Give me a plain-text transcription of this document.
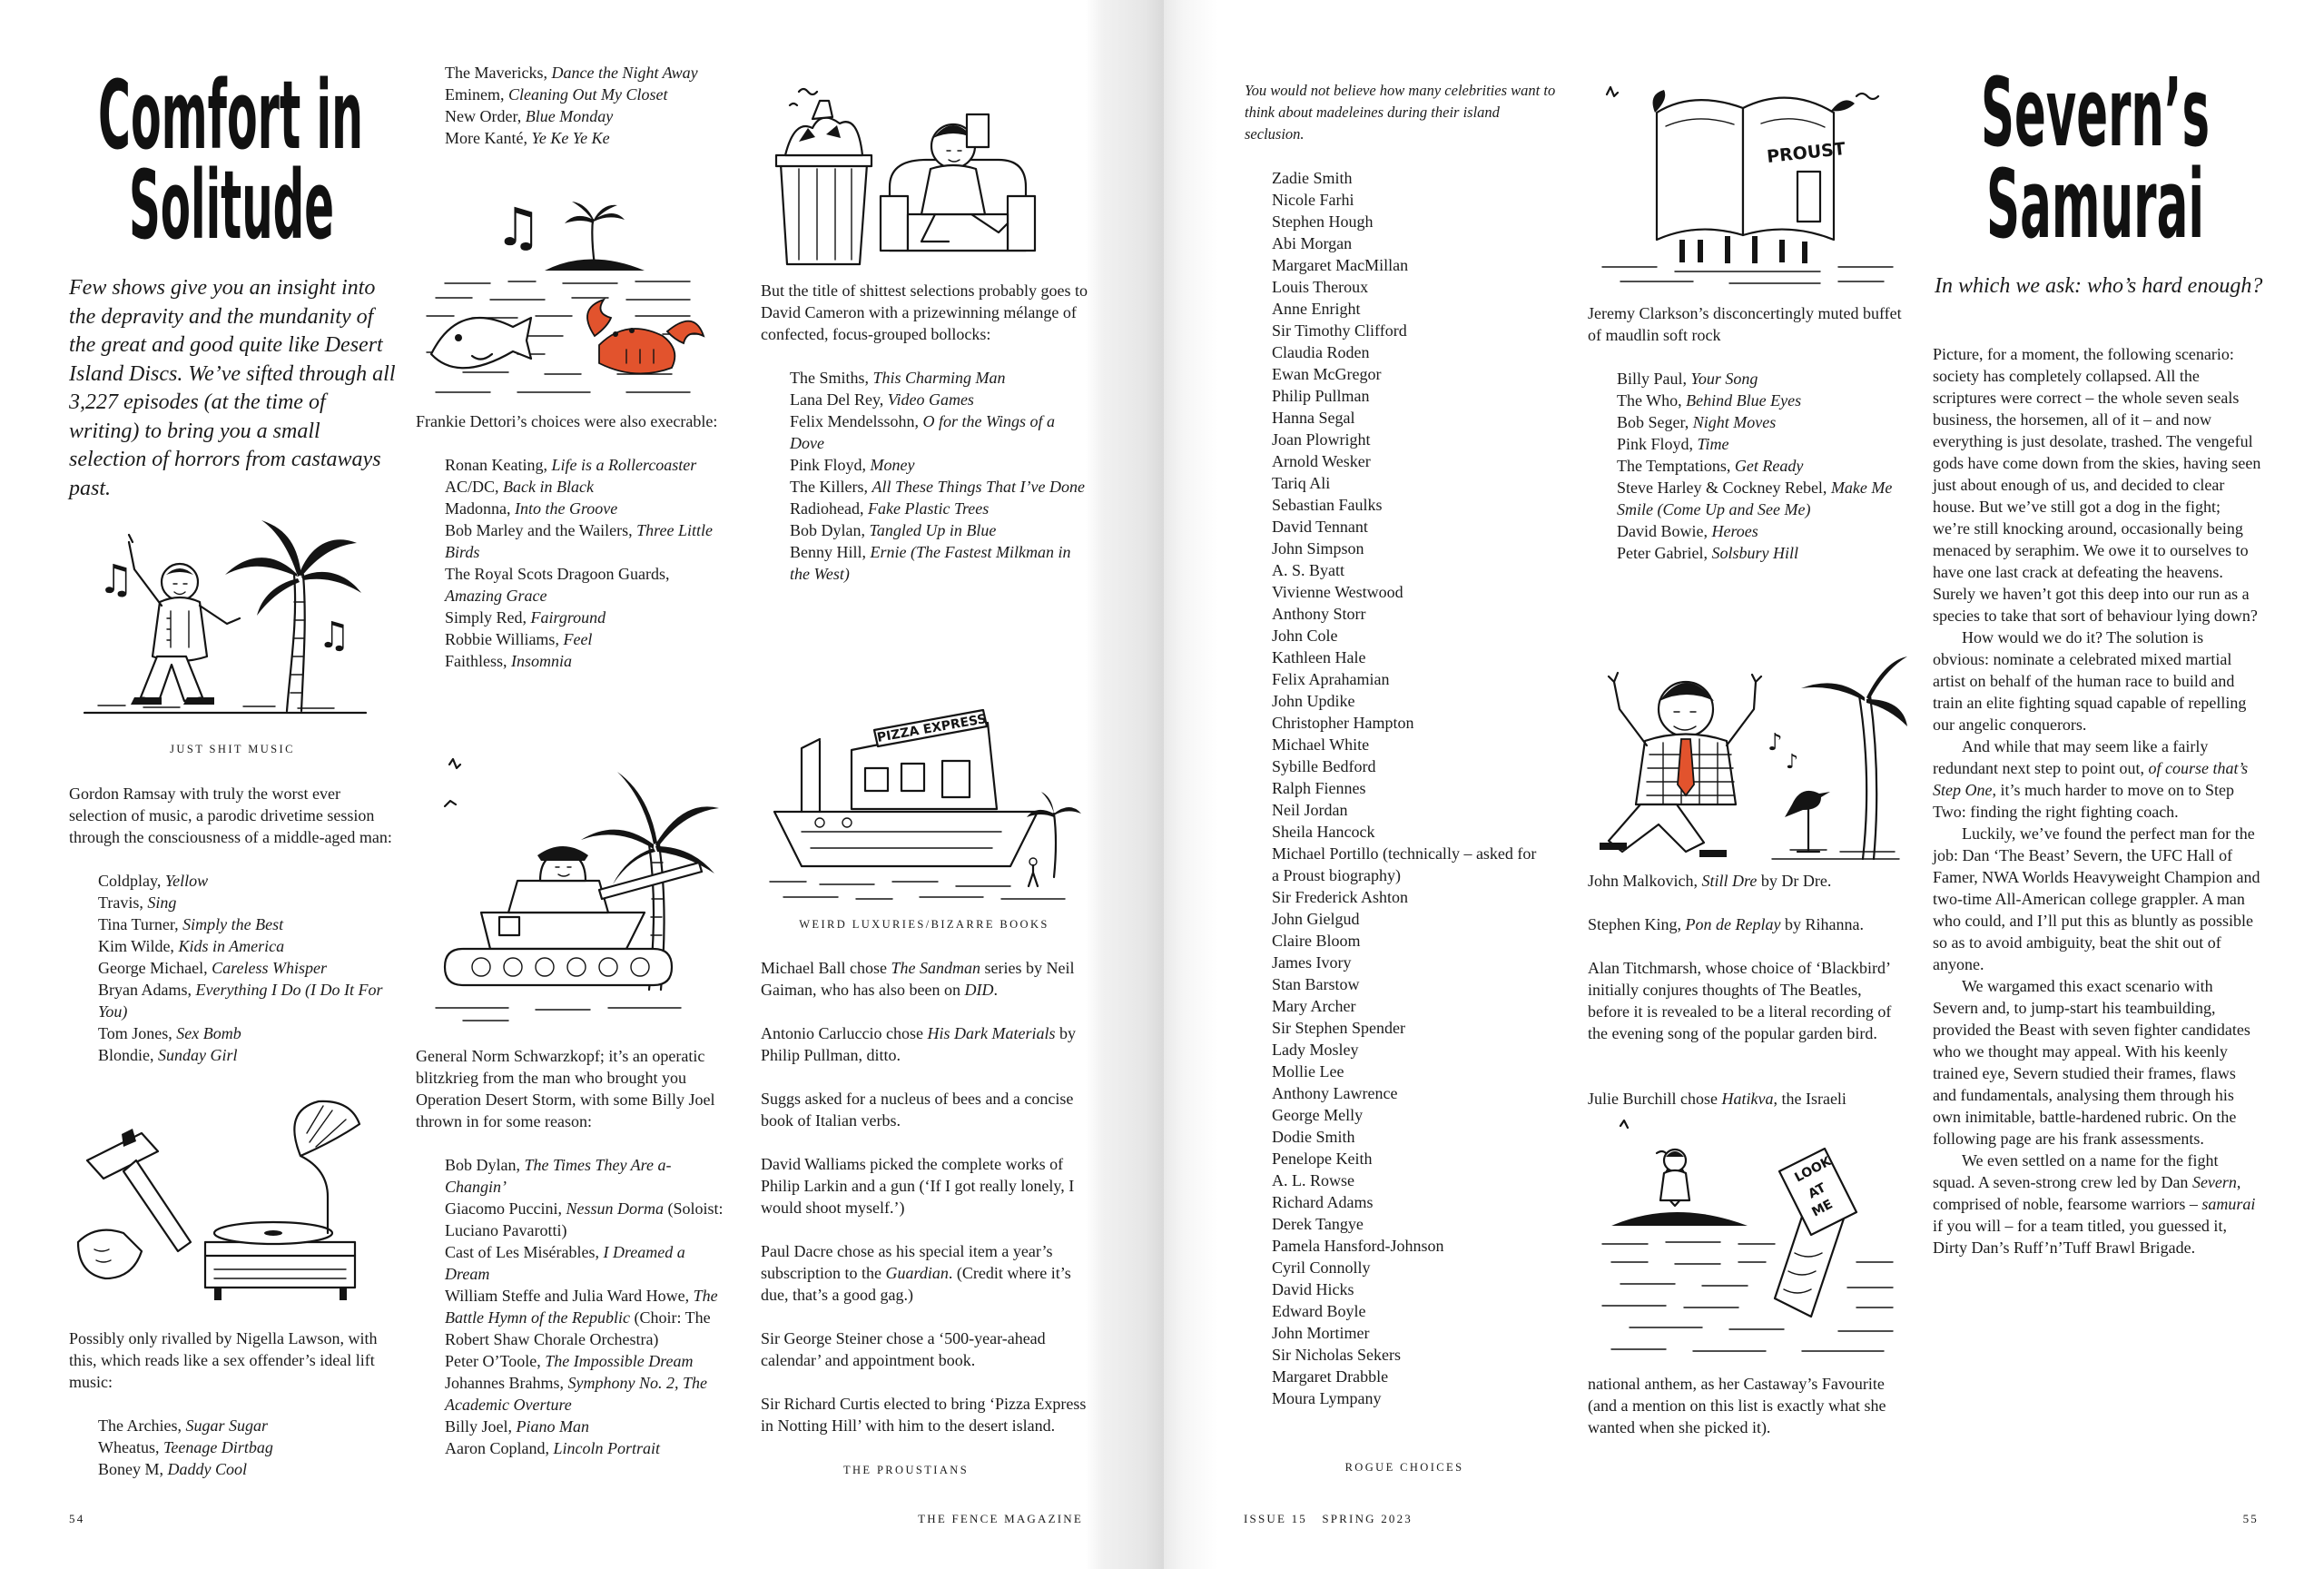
Comfort in
Solitude

Few shows give you an insight into the depravity and the mundanity of the great and good quite like Desert Island Discs. We’ve sifted through all 3,227 episodes (at the time of writing) to bring you a small selection of horrors from castaways past.

♫
♫
JUST SHIT MUSIC

Gordon Ramsay with truly the worst ever selection of music, a parodic drivetime session through the consciousness of a middle-aged man:

Coldplay, Yellow
Travis, Sing
Tina Turner, Simply the Best
Kim Wilde, Kids in America
George Michael, Careless Whisper
Bryan Adams, Everything I Do (I Do It For You)
Tom Jones, Sex Bomb
Blondie, Sunday Girl

Possibly only rivalled by Nigella Lawson, with this, which reads like a sex offender’s ideal lift music:

The Archies, Sugar Sugar
Wheatus, Teenage Dirtbag
Boney M, Daddy Cool
54
The Mavericks, Dance the Night Away
Eminem, Cleaning Out My Closet
New Order, Blue Monday
More Kanté, Ye Ke Ye Ke
♫

Frankie Dettori’s choices were also execrable:

Ronan Keating, Life is a Rollercoaster
AC/DC, Back in Black
Madonna, Into the Groove
Bob Marley and the Wailers, Three Little Birds
The Royal Scots Dragoon Guards, Amazing Grace
Simply Red, Fairground
Robbie Williams, Feel
Faithless, Insomnia

General Norm Schwarzkopf; it’s an operatic blitzkrieg from the man who brought you Operation Desert Storm, with some Billy Joel thrown in for some reason:

Bob Dylan, The Times They Are a-Changin’
Giacomo Puccini, Nessun Dorma (Soloist: Luciano Pavarotti)
Cast of Les Misérables, I Dreamed a Dream
William Steffe and Julia Ward Howe, The Battle Hymn of the Republic (Choir: The Robert Shaw Chorale Orchestra)
Peter O’Toole, The Impossible Dream
Johannes Brahms, Symphony No. 2, The Academic Overture
Billy Joel, Piano Man
Aaron Copland, Lincoln Portrait

But the title of shittest selections probably goes to David Cameron with a prizewinning mélange of confected, focus-grouped bollocks:

The Smiths, This Charming Man
Lana Del Rey, Video Games
Felix Mendelssohn, O for the Wings of a Dove
Pink Floyd, Money
The Killers, All These Things That I’ve Done
Radiohead, Fake Plastic Trees
Bob Dylan, Tangled Up in Blue
Benny Hill, Ernie (The Fastest Milkman in the West)
PIZZA EXPRESS
WEIRD LUXURIES/BIZARRE BOOKS

Michael Ball chose The Sandman series by Neil Gaiman, who has also been on DID.

Antonio Carluccio chose His Dark Materials by Philip Pullman, ditto.

Suggs asked for a nucleus of bees and a concise book of Italian verbs.

David Walliams picked the complete works of Philip Larkin and a gun (‘If I got really lonely, I would shoot myself.’)

Paul Dacre chose as his special item a year’s subscription to the Guardian. (Credit where it’s due, that’s a good gag.)

Sir George Steiner chose a ‘500-year-ahead calendar’ and appointment book.

Sir Richard Curtis elected to bring ‘Pizza Express in Notting Hill’ with him to the desert island.

THE PROUSTIANS
THE FENCE MAGAZINE

You would not believe how many celebrities want to think about madeleines during their island seclusion.

Zadie Smith
Nicole Farhi
Stephen Hough
Abi Morgan
Margaret MacMillan
Louis Theroux
Anne Enright
Sir Timothy Clifford
Claudia Roden
Ewan McGregor
Philip Pullman
Hanna Segal
Joan Plowright
Arnold Wesker
Tariq Ali
Sebastian Faulks
David Tennant
John Simpson
A. S. Byatt
Vivienne Westwood
Anthony Storr
John Cole
Kathleen Hale
Felix Aprahamian
John Updike
Christopher Hampton
Michael White
Sybille Bedford
Ralph Fiennes
Neil Jordan
Sheila Hancock
Michael Portillo (technically – asked for a Proust biography)
Sir Frederick Ashton
John Gielgud
Claire Bloom
James Ivory
Stan Barstow
Mary Archer
Sir Stephen Spender
Lady Mosley
Mollie Lee
Anthony Lawrence
George Melly
Dodie Smith
Penelope Keith
A. L. Rowse
Richard Adams
Derek Tangye
Pamela Hansford-Johnson
Cyril Connolly
David Hicks
Edward Boyle
John Mortimer
Sir Nicholas Sekers
Margaret Drabble
Moura Lympany
ROGUE CHOICES
ISSUE 15   SPRING 2023
PROUST

Jeremy Clarkson’s disconcertingly muted buffet of maudlin soft rock

Billy Paul, Your Song
The Who, Behind Blue Eyes
Bob Seger, Night Moves
Pink Floyd, Time
The Temptations, Get Ready
Steve Harley & Cockney Rebel, Make Me Smile (Come Up and See Me)
David Bowie, Heroes
Peter Gabriel, Solsbury Hill
♪
♪

John Malkovich, Still Dre by Dr Dre.

Stephen King, Pon de Replay by Rihanna.

Alan Titchmarsh, whose choice of ‘Blackbird’ initially conjures thoughts of The Beatles, before it is revealed to be a literal recording of the evening song of the popular garden bird.

Julie Burchill chose Hatikva, the Israeli

LOOK
AT
ME

national anthem, as her Castaway’s Favourite (and a mention on this list is exactly what she wanted when she picked it).

Severn’s
Samurai

In which we ask: who’s hard enough?

Picture, for a moment, the following scenario: society has completely collapsed. All the scriptures were correct – the whole seven seals business, the horsemen, all of it – and now everything is just desolate, trashed. The vengeful gods have come down from the skies, having seen just about enough of us, and decided to clear house. But we’ve still got a dog in the fight; we’re still knocking around, occasionally being menaced by seraphim. We owe it to ourselves to have one last crack at defeating the heavens. Surely we haven’t got this deep into our run as a species to take that sort of behaviour lying down?

How would we do it? The solution is obvious: nominate a celebrated mixed martial artist on behalf of the human race to build and train an elite fighting squad capable of repelling our angelic conquerors.

And while that may seem like a fairly redundant next step to point out, of course that’s Step One, it’s much harder to move on to Step Two: finding the right fighting coach.

Luckily, we’ve found the perfect man for the job: Dan ‘The Beast’ Severn, the UFC Hall of Famer, NWA Worlds Heavyweight Champion and two-time All-American college grappler. A man who could, and I’ll put this as bluntly as possible so as to avoid ambiguity, beat the shit out of anyone.

We wargamed this exact scenario with Severn and, to jump-start his teambuilding, provided the Beast with seven fighter candidates who we thought may appeal. With his keenly trained eye, Severn studied their frames, flaws and fundamentals, analysing them through his own inimitable, battle-hardened rubric. On the following page are his frank assessments.

We even settled on a name for the fight squad. A seven-strong crew led by Dan Severn, comprised of noble, fearsome warriors – samurai if you will – for a team titled, you guessed it, Dirty Dan’s Ruff’n’Tuff Brawl Brigade.

55
